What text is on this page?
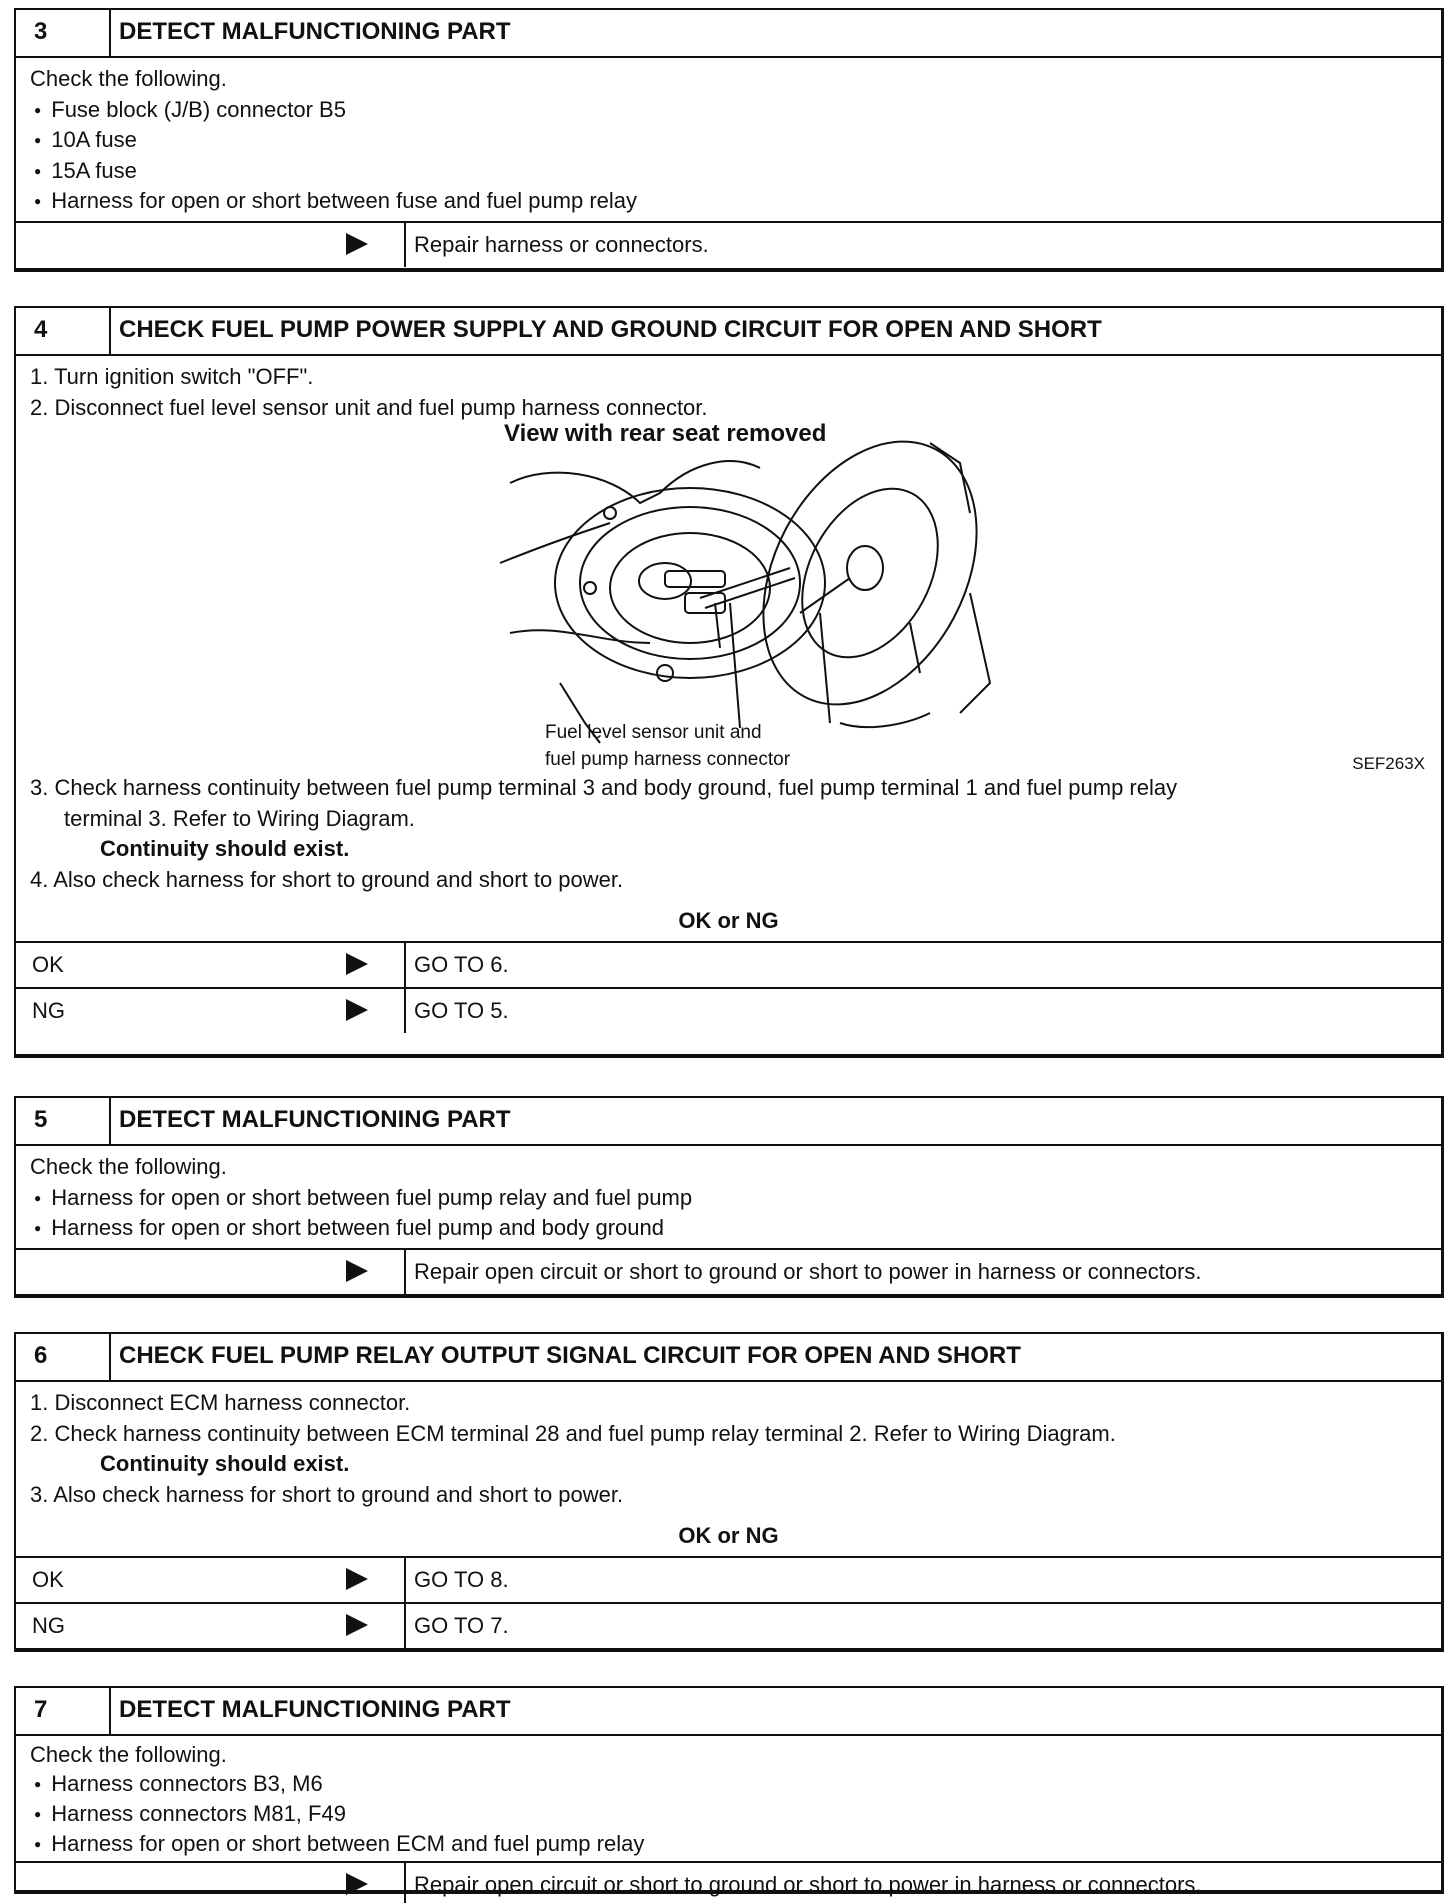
3	DETECT MALFUNCTIONING PART

Check the following.

● Fuse block (J/B) connector B5

● 10A fuse

● 15A fuse

● Harness for open or short between fuse and fuel pump relay

Repair harness or connectors.
4	CHECK FUEL PUMP POWER SUPPLY AND GROUND CIRCUIT FOR OPEN AND SHORT

1. Turn ignition switch "OFF".

2. Disconnect fuel level sensor unit and fuel pump harness connector.

View with rear seat removed
Fuel level sensor unit and
fuel pump harness connector	SEF263X

3. Check harness continuity between fuel pump terminal 3 and body ground, fuel pump terminal 1 and fuel pump relay

terminal 3. Refer to Wiring Diagram.

Continuity should exist.

4. Also check harness for short to ground and short to power.

OK or NG
OK	GO TO 6.
NG	GO TO 5.
5	DETECT MALFUNCTIONING PART

Check the following.

● Harness for open or short between fuel pump relay and fuel pump

● Harness for open or short between fuel pump and body ground

Repair open circuit or short to ground or short to power in harness or connectors.
6	CHECK FUEL PUMP RELAY OUTPUT SIGNAL CIRCUIT FOR OPEN AND SHORT

1. Disconnect ECM harness connector.

2. Check harness continuity between ECM terminal 28 and fuel pump relay terminal 2. Refer to Wiring Diagram.

Continuity should exist.

3. Also check harness for short to ground and short to power.

OK or NG
OK	GO TO 8.
NG	GO TO 7.
7	DETECT MALFUNCTIONING PART

Check the following.

● Harness connectors B3, M6

● Harness connectors M81, F49

● Harness for open or short between ECM and fuel pump relay

Repair open circuit or short to ground or short to power in harness or connectors.
